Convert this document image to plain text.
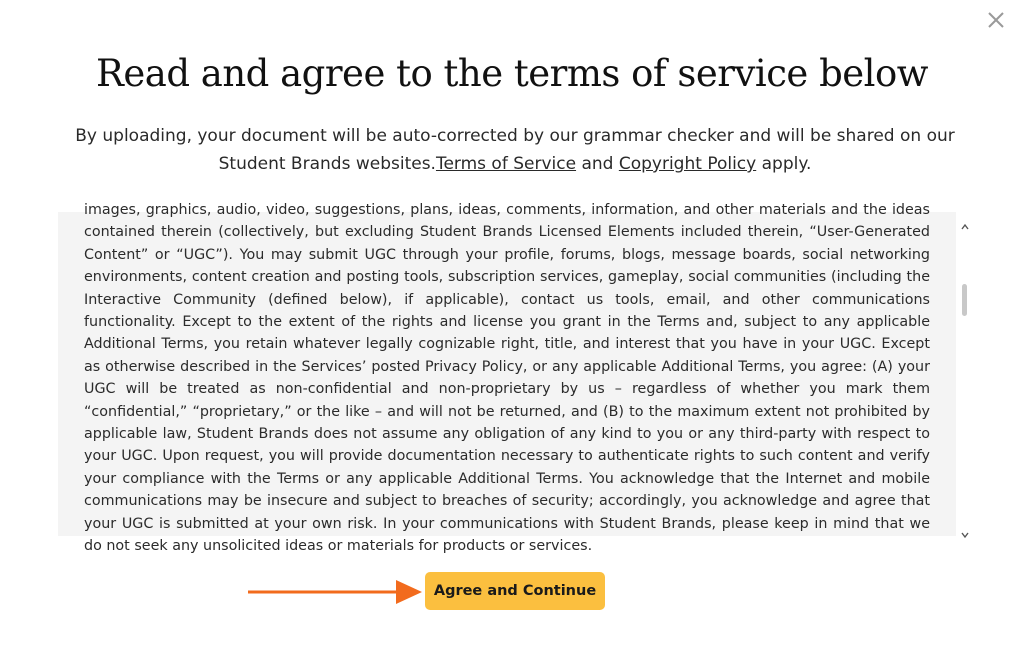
Read and agree to the terms of service below

By uploading, your document will be auto-corrected by our grammar checker and will be shared on our Student Brands websites.Terms of Service and Copyright Policy apply.

images, graphics, audio, video, suggestions, plans, ideas, comments, information, and other materials and the ideas contained therein (collectively, but excluding Student Brands Licensed Elements included therein, “User-Generated Content” or “UGC”). You may submit UGC through your profile, forums, blogs, message boards, social networking environments, content creation and posting tools, subscription services, gameplay, social communities (including the Interactive Community (defined below), if applicable), contact us tools, email, and other communications functionality. Except to the extent of the rights and license you grant in the Terms and, subject to any applicable Additional Terms, you retain whatever legally cognizable right, title, and interest that you have in your UGC. Except as otherwise described in the Services’ posted Privacy Policy, or any applicable Additional Terms, you agree: (A) your UGC will be treated as non-confidential and non-proprietary by us – regardless of whether you mark them “confidential,” “proprietary,” or the like – and will not be returned, and (B) to the maximum extent not prohibited by applicable law, Student Brands does not assume any obligation of any kind to you or any third-party with respect to your UGC. Upon request, you will provide documentation necessary to authenticate rights to such content and verify your compliance with the Terms or any applicable Additional Terms. You acknowledge that the Internet and mobile communications may be insecure and subject to breaches of security; accordingly, you acknowledge and agree that your UGC is submitted at your own risk. In your communications with Student Brands, please keep in mind that we do not seek any unsolicited ideas or materials for products or services.

Agree and Continue
